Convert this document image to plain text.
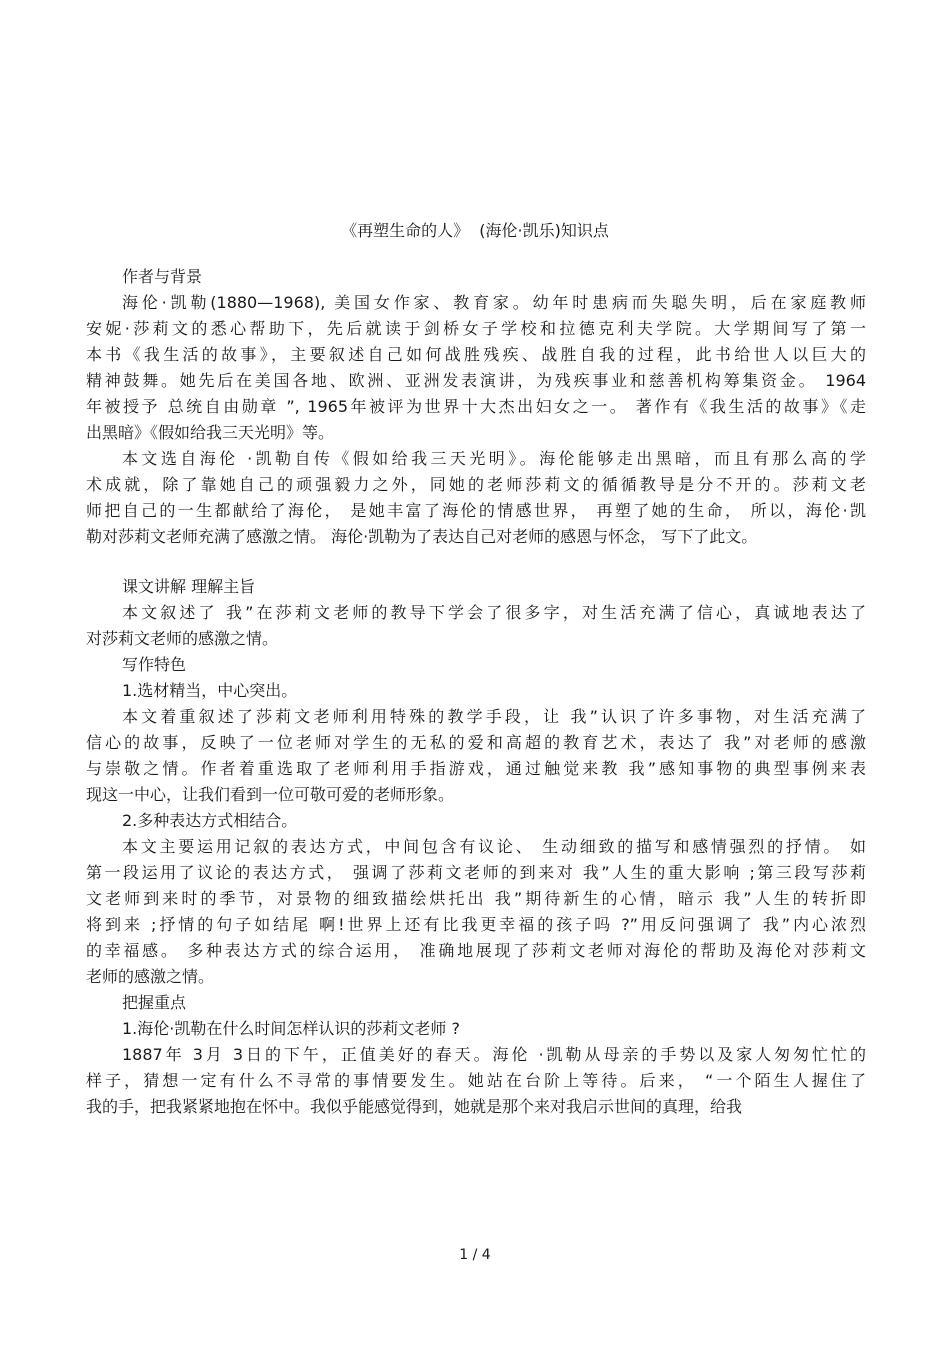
《再塑生命的人》  (海伦·凯乐)知识点
作者与背景
海伦·凯勒(1880—1968), 美国女作家、教育家。幼年时患病而失聪失明，后在家庭教师
安妮·莎莉文的悉心帮助下，先后就读于剑桥女子学校和拉德克利夫学院。大学期间写了第一
本书《我生活的故事》，主要叙述自己如何战胜残疾、战胜自我的过程，此书给世人以巨大的
精神鼓舞。她先后在美国各地、欧洲、亚洲发表演讲，为残疾事业和慈善机构筹集资金。 1964
年被授予 总统自由勋章 ”, 1965年被评为世界十大杰出妇女之一。 著作有《我生活的故事》《走
出黑暗》《假如给我三天光明》等。
本文选自海伦 ·凯勒自传《假如给我三天光明》。海伦能够走出黑暗，而且有那么高的学
术成就，除了靠她自己的顽强毅力之外，同她的老师莎莉文的循循教导是分不开的。莎莉文老
师把自己的一生都献给了海伦， 是她丰富了海伦的情感世界， 再塑了她的生命， 所以，海伦·凯
勒对莎莉文老师充满了感激之情。 海伦·凯勒为了表达自己对老师的感恩与怀念， 写下了此文。
课文讲解 理解主旨
本文叙述了 我”在莎莉文老师的教导下学会了很多字，对生活充满了信心，真诚地表达了
对莎莉文老师的感激之情。
写作特色
1.选材精当，中心突出。
本文着重叙述了莎莉文老师利用特殊的教学手段，让 我”认识了许多事物，对生活充满了
信心的故事，反映了一位老师对学生的无私的爱和高超的教育艺术，表达了 我”对老师的感激
与崇敬之情。作者着重选取了老师利用手指游戏，通过触觉来教 我”感知事物的典型事例来表
现这一中心，让我们看到一位可敬可爱的老师形象。
2.多种表达方式相结合。
本文主要运用记叙的表达方式，中间包含有议论、 生动细致的描写和感情强烈的抒情。 如
第一段运用了议论的表达方式， 强调了莎莉文老师的到来对 我”人生的重大影响 ;第三段写莎莉
文老师到来时的季节，对景物的细致描绘烘托出 我”期待新生的心情，暗示 我”人生的转折即
将到来 ;抒情的句子如结尾 啊!世界上还有比我更幸福的孩子吗 ?”用反问强调了 我”内心浓烈
的幸福感。 多种表达方式的综合运用， 准确地展现了莎莉文老师对海伦的帮助及海伦对莎莉文
老师的感激之情。
把握重点
1.海伦·凯勒在什么时间怎样认识的莎莉文老师 ?
1887年 3月 3日的下午，正值美好的春天。海伦 ·凯勒从母亲的手势以及家人匆匆忙忙的
样子，猜想一定有什么不寻常的事情要发生。她站在台阶上等待。后来， “一个陌生人握住了
我的手，把我紧紧地抱在怀中。我似乎能感觉得到，她就是那个来对我启示世间的真理，给我
1 / 4
